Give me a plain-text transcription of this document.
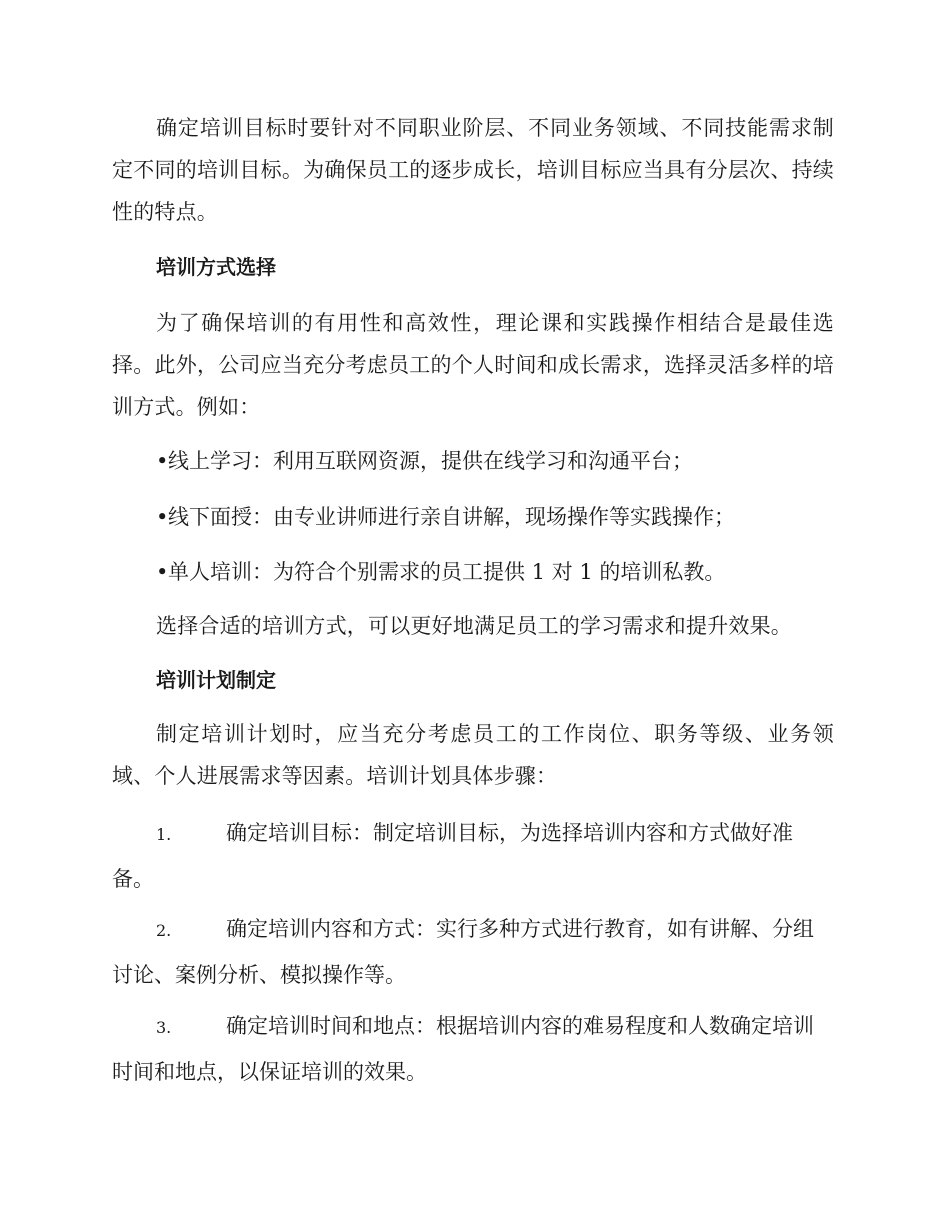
确定培训目标时要针对不同职业阶层、不同业务领域、不同技能需求制定不同的培训目标。为确保员工的逐步成长，培训目标应当具有分层次、持续性的特点。

培训方式选择

为了确保培训的有用性和高效性，理论课和实践操作相结合是最佳选择。此外，公司应当充分考虑员工的个人时间和成长需求，选择灵活多样的培训方式。例如：

•线上学习：利用互联网资源，提供在线学习和沟通平台；

•线下面授：由专业讲师进行亲自讲解，现场操作等实践操作；

•单人培训：为符合个别需求的员工提供 1 对 1 的培训私教。

选择合适的培训方式，可以更好地满足员工的学习需求和提升效果。

培训计划制定

制定培训计划时，应当充分考虑员工的工作岗位、职务等级、业务领域、个人进展需求等因素。培训计划具体步骤：

1.	确定培训目标：制定培训目标，为选择培训内容和方式做好准备。

2.	确定培训内容和方式：实行多种方式进行教育，如有讲解、分组讨论、案例分析、模拟操作等。

3.	确定培训时间和地点：根据培训内容的难易程度和人数确定培训时间和地点，以保证培训的效果。
